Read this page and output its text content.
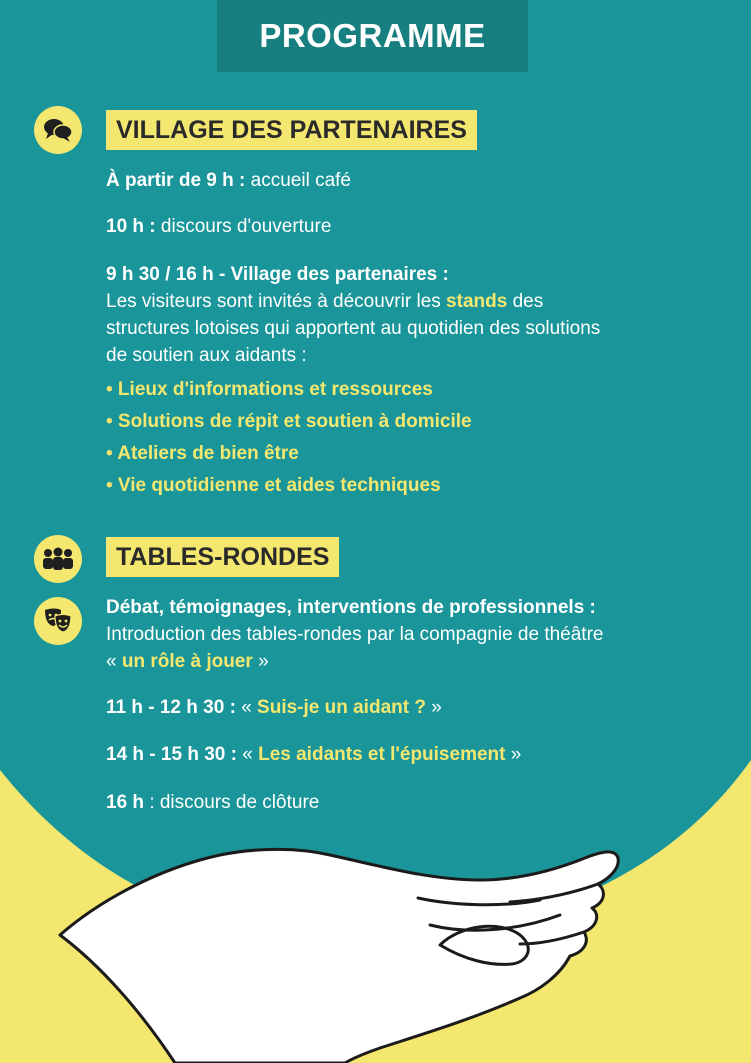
PROGRAMME
VILLAGE DES PARTENAIRES
À partir de 9 h : accueil café
10 h : discours d'ouverture
9 h 30 / 16 h - Village des partenaires :
Les visiteurs sont invités à découvrir les stands des
structures lotoises qui apportent au quotidien des solutions
de soutien aux aidants :
• Lieux d'informations et ressources
• Solutions de répit et soutien à domicile
• Ateliers de bien être
• Vie quotidienne et aides techniques
TABLES-RONDES
Débat, témoignages, interventions de professionnels :
Introduction des tables-rondes par la compagnie de théâtre
« un rôle à jouer »
11 h - 12 h 30 : « Suis-je un aidant ? »
14 h - 15 h 30 : « Les aidants et l'épuisement »
16 h : discours de clôture
